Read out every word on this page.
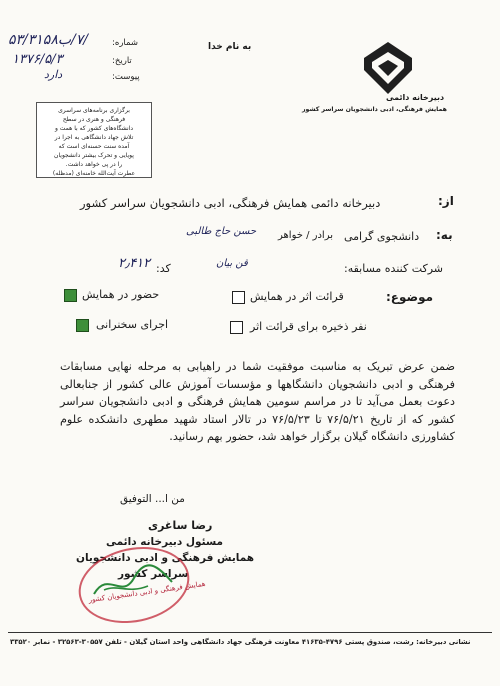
شماره:
۵۳/۳۱۵۸٧/ب/
تاریخ:
۱۳۷۶/۵/۳
پیوست:
دارد
به نام خدا
دبیرخانه دائمی
همایش فرهنگی، ادبی دانشجویان سراسر کشور
برگزاری برنامه‌های سراسری
فرهنگی و هنری در سطح
دانشگاه‌های کشور که با همت و
تلاش جهاد دانشگاهی به اجرا در
آمده سنت حسنه‌ای است که
پویایی و تحرک بیشتر دانشجویان
را در پی خواهد داشت.
عطرت آیت‌الله خامنه‌ای (مدظله)
از:
دبیرخانه دائمی همایش فرهنگی، ادبی دانشجویان سراسر کشور
به:
دانشجوی گرامی
برادر / خواهر
حسن حاج طالبی
شرکت کننده مسابقه:
قن بیان
کد:
۲٫۴۱۲
موضوع:
قرائت اثر در همایش
حضور در همایش
نفر ذخیره برای قرائت اثر
اجرای سخنرانی
ضمن عرض تبریک به مناسبت موفقیت شما در راهیابی به مرحله نهایی مسابقات فرهنگی و ادبی دانشجویان دانشگاهها و مؤسسات آموزش عالی کشور از جنابعالی دعوت بعمل می‌آید تا در مراسم سومین همایش فرهنگی و ادبی دانشجویان سراسر کشور که از تاریخ ۷۶/۵/۲۱ تا ۷۶/۵/۲۳ در تالار استاد شهید مطهری دانشکده علوم کشاورزی دانشگاه گیلان برگزار خواهد شد، حضور بهم رسانید.
من ا... التوفیق
رضا ساغری
مسئول دبیرخانه دائمی
همایش فرهنگی و ادبی دانشجویان
سراسر کشور
همایش فرهنگی و ادبی دانشجویان کشور
نشانی دبیرخانه: رشت، صندوق پستی ۴۷۹۶-۴۱۶۳۵ معاونت فرهنگی جهاد دانشگاهی واحد استان گیلان - تلفن ۳۰۵۵۷-۳۲۵۶۳ - نمابر ۳۳۵۲۰
